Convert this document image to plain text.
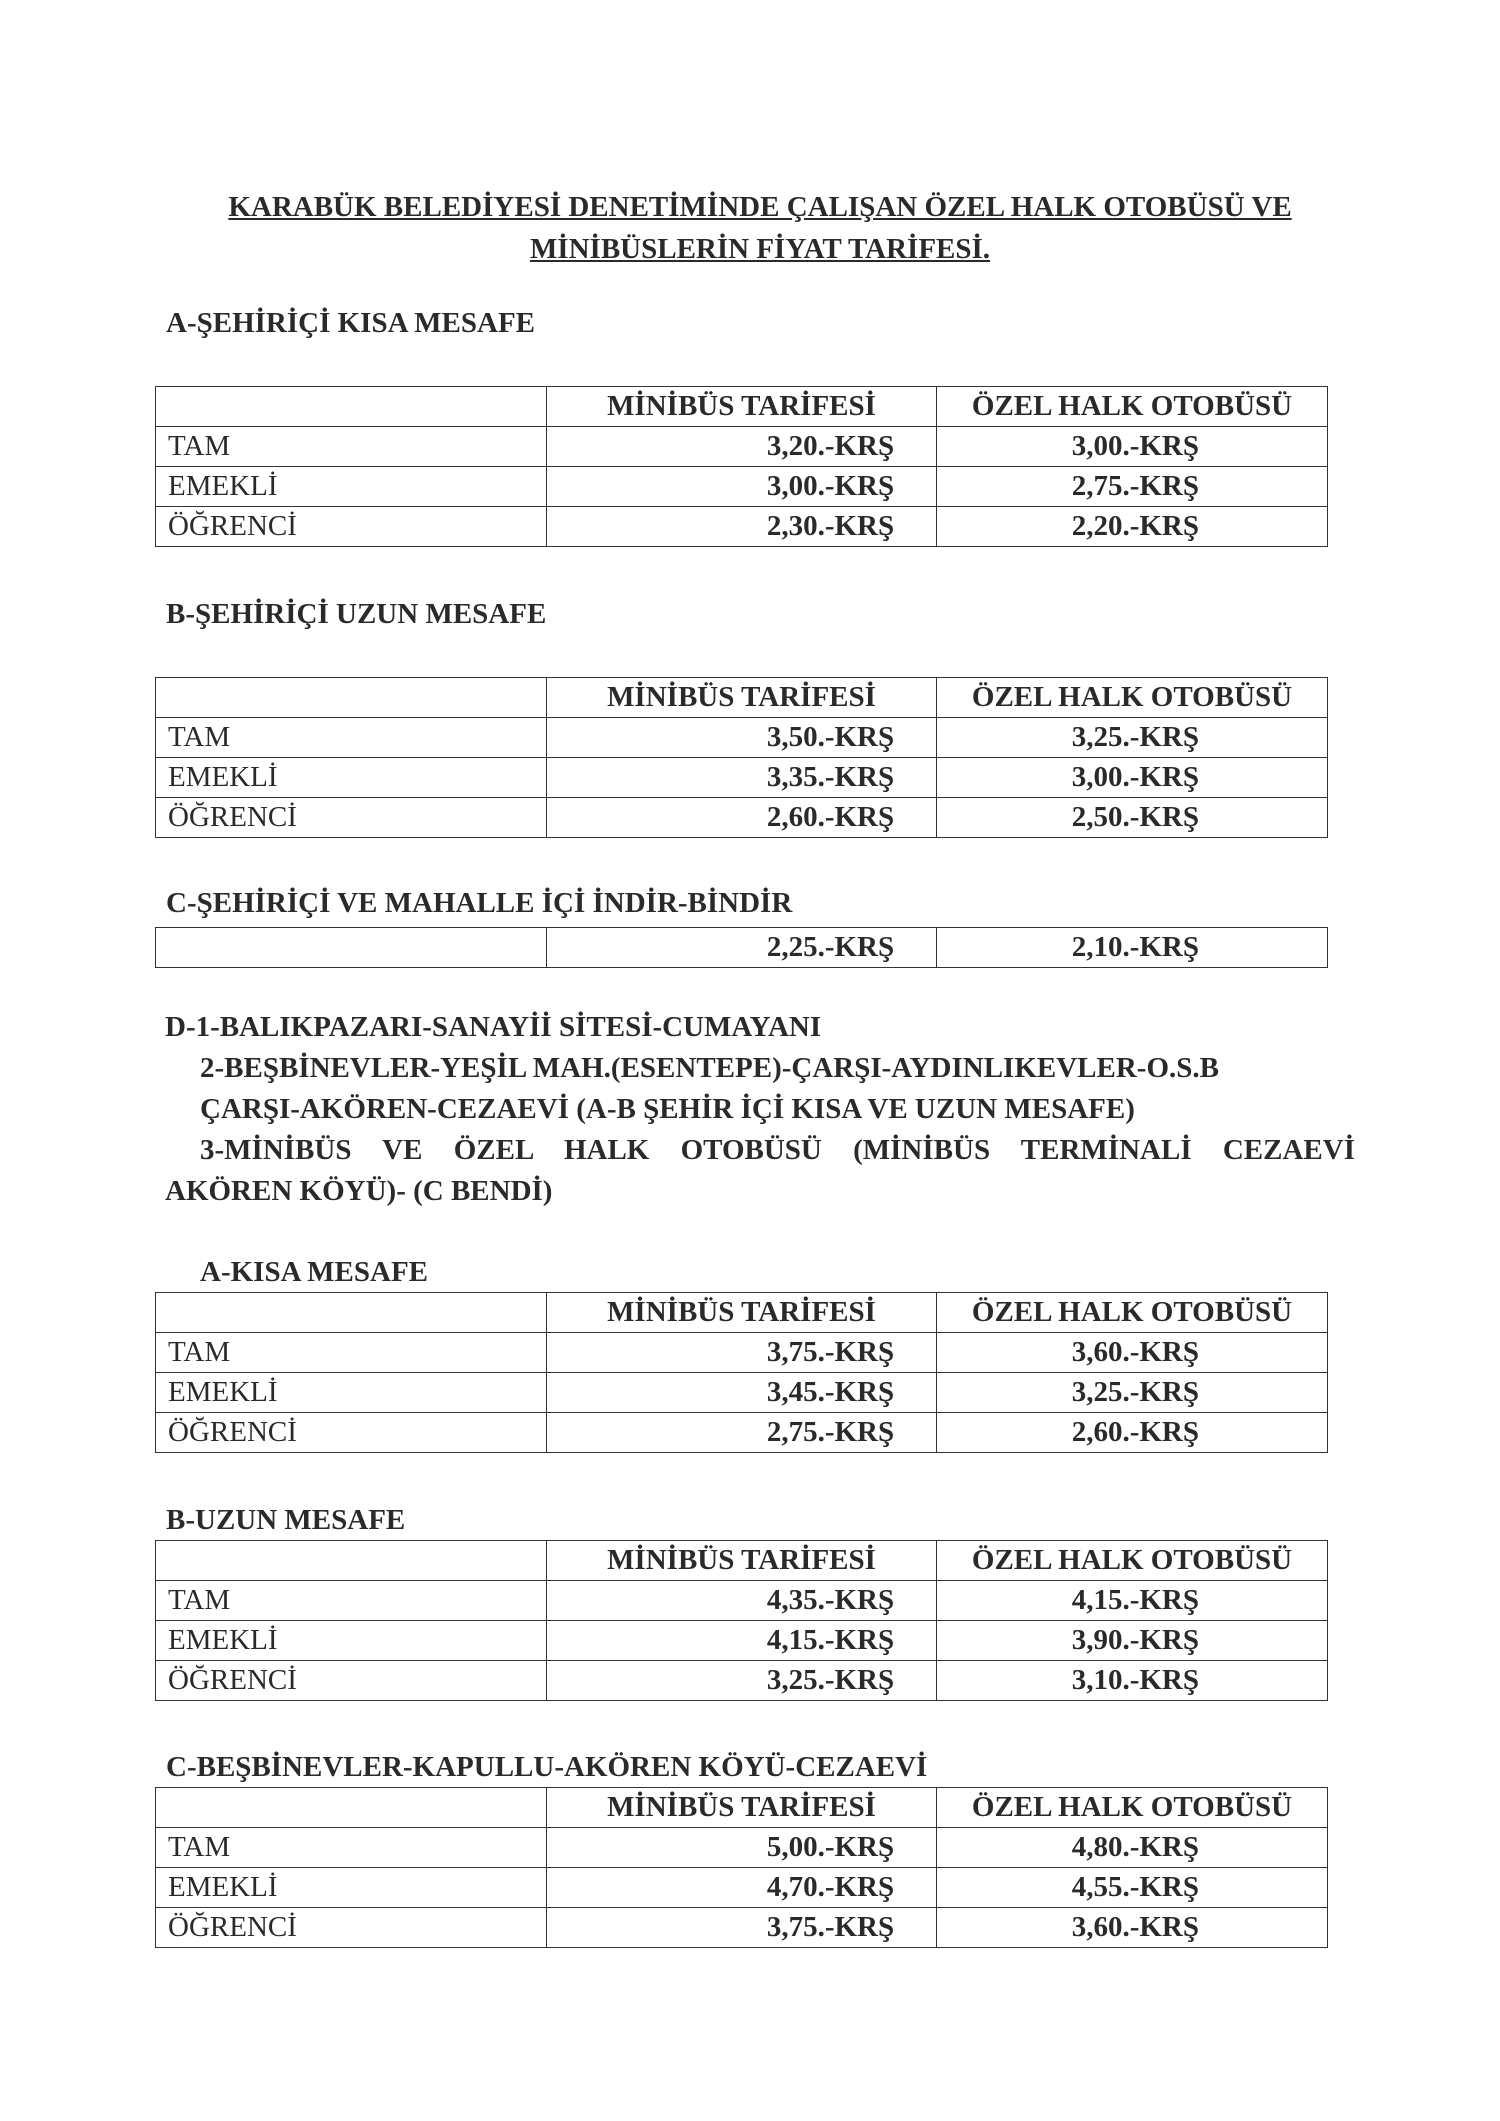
KARABÜK BELEDİYESİ DENETİMİNDE ÇALIŞAN ÖZEL HALK OTOBÜSÜ VE
MİNİBÜSLERİN FİYAT TARİFESİ.
A-ŞEHİRİÇİ KISA MESAFE
	MİNİBÜS TARİFESİ	ÖZEL HALK OTOBÜSÜ
TAM	3,20.-KRŞ	3,00.-KRŞ
EMEKLİ	3,00.-KRŞ	2,75.-KRŞ
ÖĞRENCİ	2,30.-KRŞ	2,20.-KRŞ
B-ŞEHİRİÇİ UZUN MESAFE
	MİNİBÜS TARİFESİ	ÖZEL HALK OTOBÜSÜ
TAM	3,50.-KRŞ	3,25.-KRŞ
EMEKLİ	3,35.-KRŞ	3,00.-KRŞ
ÖĞRENCİ	2,60.-KRŞ	2,50.-KRŞ
C-ŞEHİRİÇİ VE MAHALLE İÇİ İNDİR-BİNDİR
	2,25.-KRŞ	2,10.-KRŞ
D-1-BALIKPAZARI-SANAYİİ SİTESİ-CUMAYANI
2-BEŞBİNEVLER-YEŞİL MAH.(ESENTEPE)-ÇARŞI-AYDINLIKEVLER-O.S.B
ÇARŞI-AKÖREN-CEZAEVİ (A-B ŞEHİR İÇİ KISA VE UZUN MESAFE)
3-MİNİBÜS VE ÖZEL HALK OTOBÜSÜ (MİNİBÜS TERMİNALİ CEZAEVİ
AKÖREN KÖYÜ)- (C BENDİ)
A-KISA MESAFE
	MİNİBÜS TARİFESİ	ÖZEL HALK OTOBÜSÜ
TAM	3,75.-KRŞ	3,60.-KRŞ
EMEKLİ	3,45.-KRŞ	3,25.-KRŞ
ÖĞRENCİ	2,75.-KRŞ	2,60.-KRŞ
B-UZUN MESAFE
	MİNİBÜS TARİFESİ	ÖZEL HALK OTOBÜSÜ
TAM	4,35.-KRŞ	4,15.-KRŞ
EMEKLİ	4,15.-KRŞ	3,90.-KRŞ
ÖĞRENCİ	3,25.-KRŞ	3,10.-KRŞ
C-BEŞBİNEVLER-KAPULLU-AKÖREN KÖYÜ-CEZAEVİ
	MİNİBÜS TARİFESİ	ÖZEL HALK OTOBÜSÜ
TAM	5,00.-KRŞ	4,80.-KRŞ
EMEKLİ	4,70.-KRŞ	4,55.-KRŞ
ÖĞRENCİ	3,75.-KRŞ	3,60.-KRŞ
